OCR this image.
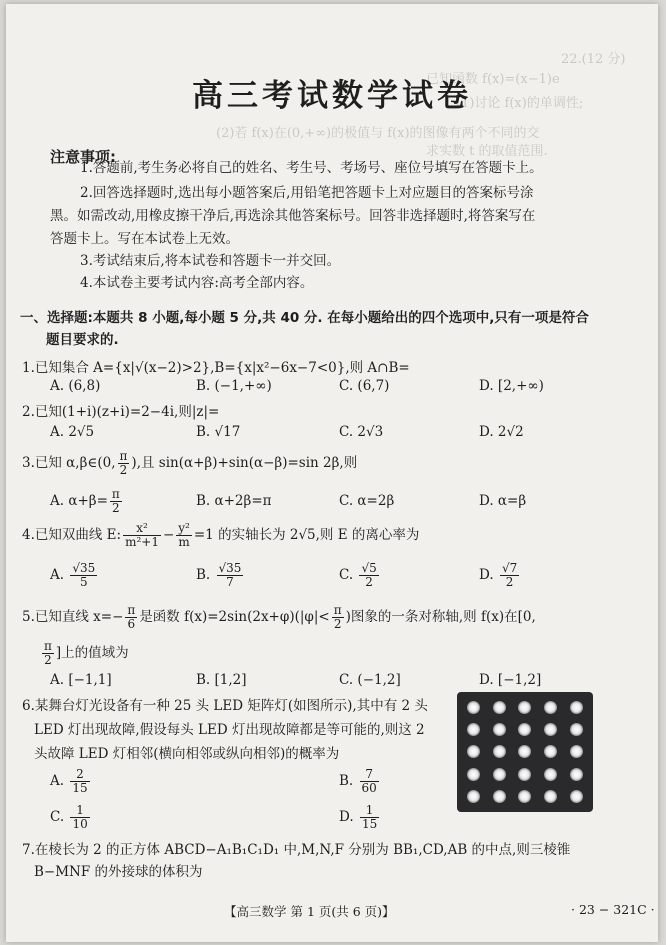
22.(12 分)
已知函数 f(x)=(x−1)e
(1)讨论 f(x)的单调性;
(2)若 f(x)在(0,+∞)的极值与 f(x)的图像有两个不同的交
求实数 t 的取值范围.
高三考试数学试卷
注意事项:
1.答题前,考生务必将自己的姓名、考生号、考场号、座位号填写在答题卡上。
2.回答选择题时,选出每小题答案后,用铅笔把答题卡上对应题目的答案标号涂
黑。如需改动,用橡皮擦干净后,再选涂其他答案标号。回答非选择题时,将答案写在
答题卡上。写在本试卷上无效。
3.考试结束后,将本试卷和答题卡一并交回。
4.本试卷主要考试内容:高考全部内容。
一、选择题:本题共 8 小题,每小题 5 分,共 40 分. 在每小题给出的四个选项中,只有一项是符合
题目要求的.
1.已知集合 A={x|√(x−2)>2},B={x|x²−6x−7<0},则 A∩B=
A. (6,8)	B. (−1,+∞)	C. (6,7)	D. [2,+∞)
2.已知(1+i)(z+i)=2−4i,则|z|=
A. 2√5	B. √17	C. 2√3	D. 2√2
3.已知 α,β∈(0, $\frac{\pi}{2}$ ),且 sin(α+β)+sin(α−β)=sin 2β,则
A. $\alpha+\beta= \frac{\pi}{2}$	B. α+2β=π	C. α=2β	D. α=β
4.已知双曲线 E: $\frac{\text{x²}}{\text{m²+1}} - \frac{\text{y²}}{m} =1$ 的实轴长为 2√5,则 E 的离心率为
A. $\frac{√35}{5}$	B. $\frac{√35}{7}$	C. $\frac{√5}{2}$	D. $\frac{√7}{2}$
5.已知直线 $x=- \frac{\pi}{6}$ 是函数 $f(x)=2\sin(2x+\varphi)(|\varphi|< \frac{\pi}{2}$ )图象的一条对称轴,则 f(x)在[0,
$\frac{\pi}{2}$ ]上的值域为
A. [−1,1]	B. [1,2]	C. (−1,2]	D. [−1,2]
6.某舞台灯光设备有一种 25 头 LED 矩阵灯(如图所示),其中有 2 头
LED 灯出现故障,假设每头 LED 灯出现故障都是等可能的,则这 2
头故障 LED 灯相邻(横向相邻或纵向相邻)的概率为
A. $\frac{2}{15}$	B. $\frac{7}{60}$
C. $\frac{1}{10}$	D. $\frac{1}{15}$
7.在棱长为 2 的正方体 ABCD−A₁B₁C₁D₁ 中,M,N,F 分别为 BB₁,CD,AB 的中点,则三棱锥
B−MNF 的外接球的体积为
【高三数学 第 1 页(共 6 页)】	· 23 − 321C ·
